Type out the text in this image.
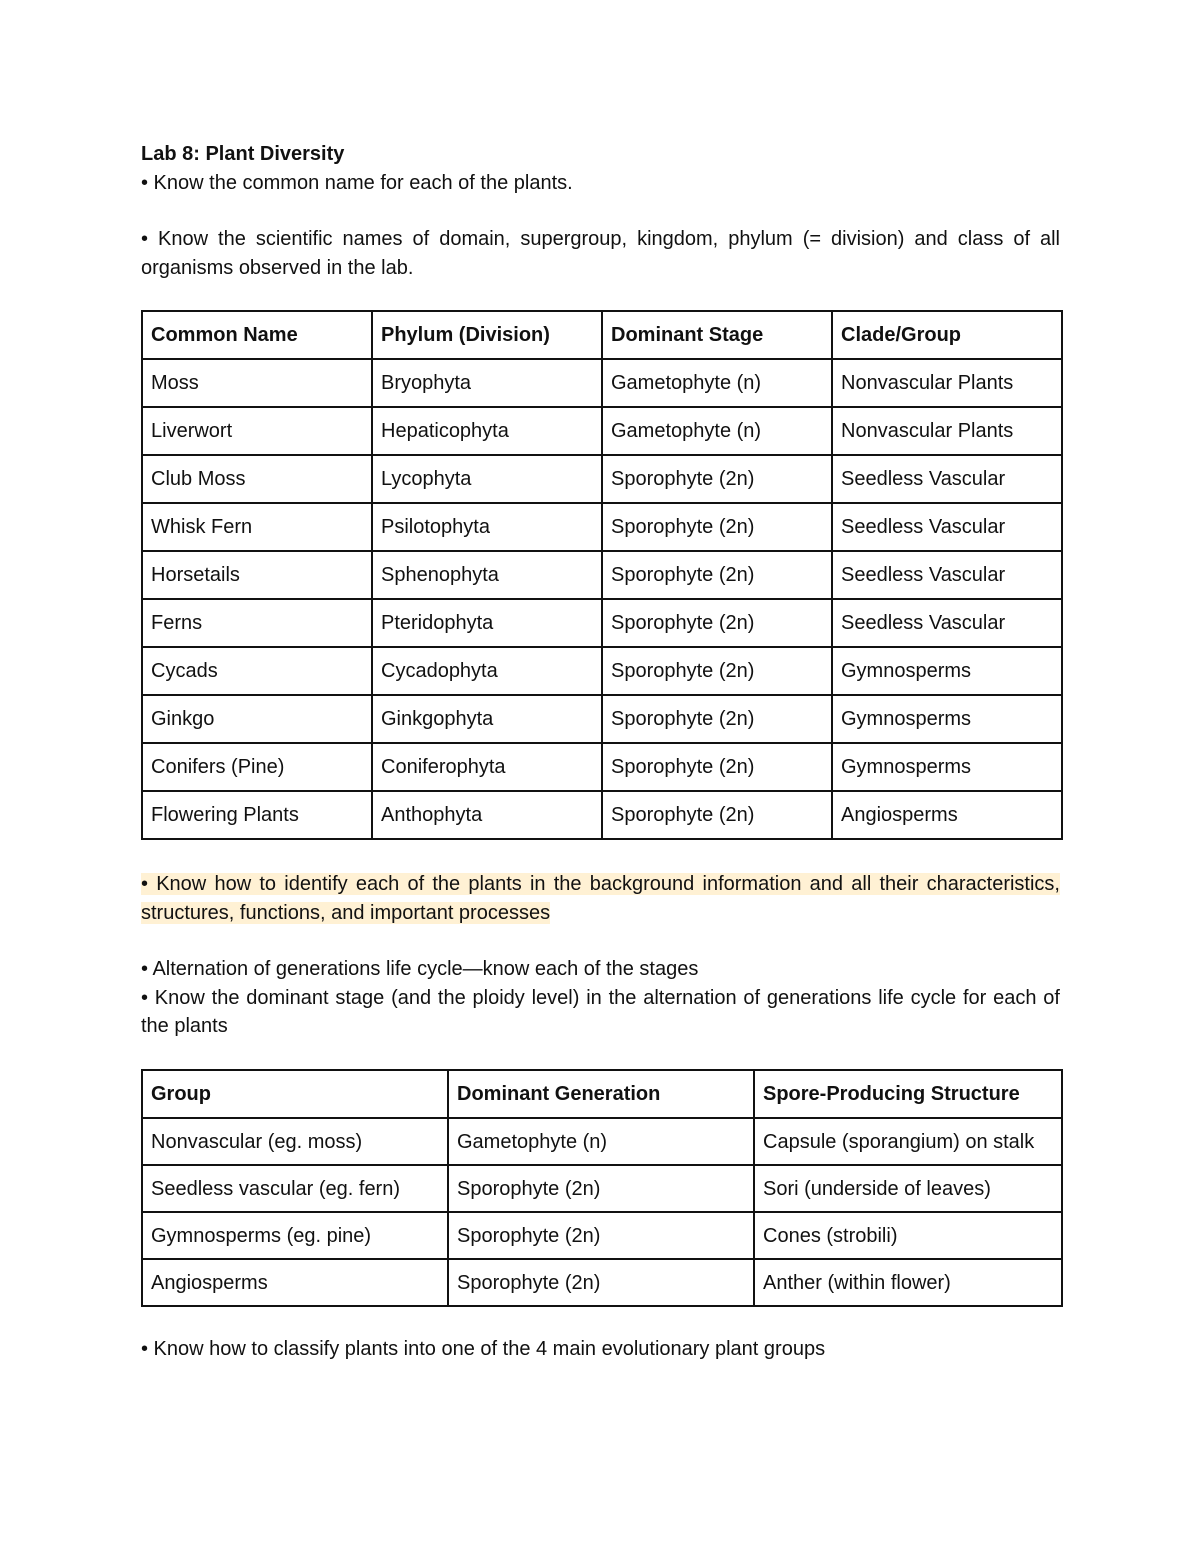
Lab 8: Plant Diversity

• Know the common name for each of the plants.

• Know the scientific names of domain, supergroup, kingdom, phylum (= division) and class of all organisms observed in the lab.

Common Name	Phylum (Division)	Dominant Stage	Clade/Group
Moss	Bryophyta	Gametophyte (n)	Nonvascular Plants
Liverwort	Hepaticophyta	Gametophyte (n)	Nonvascular Plants
Club Moss	Lycophyta	Sporophyte (2n)	Seedless Vascular
Whisk Fern	Psilotophyta	Sporophyte (2n)	Seedless Vascular
Horsetails	Sphenophyta	Sporophyte (2n)	Seedless Vascular
Ferns	Pteridophyta	Sporophyte (2n)	Seedless Vascular
Cycads	Cycadophyta	Sporophyte (2n)	Gymnosperms
Ginkgo	Ginkgophyta	Sporophyte (2n)	Gymnosperms
Conifers (Pine)	Coniferophyta	Sporophyte (2n)	Gymnosperms
Flowering Plants	Anthophyta	Sporophyte (2n)	Angiosperms

• Know how to identify each of the plants in the background information and all their characteristics, structures, functions, and important processes

• Alternation of generations life cycle—know each of the stages

• Know the dominant stage (and the ploidy level) in the alternation of generations life cycle for each of the plants

Group	Dominant Generation	Spore-Producing Structure
Nonvascular (eg. moss)	Gametophyte (n)	Capsule (sporangium) on stalk
Seedless vascular (eg. fern)	Sporophyte (2n)	Sori (underside of leaves)
Gymnosperms (eg. pine)	Sporophyte (2n)	Cones (strobili)
Angiosperms	Sporophyte (2n)	Anther (within flower)

• Know how to classify plants into one of the 4 main evolutionary plant groups
